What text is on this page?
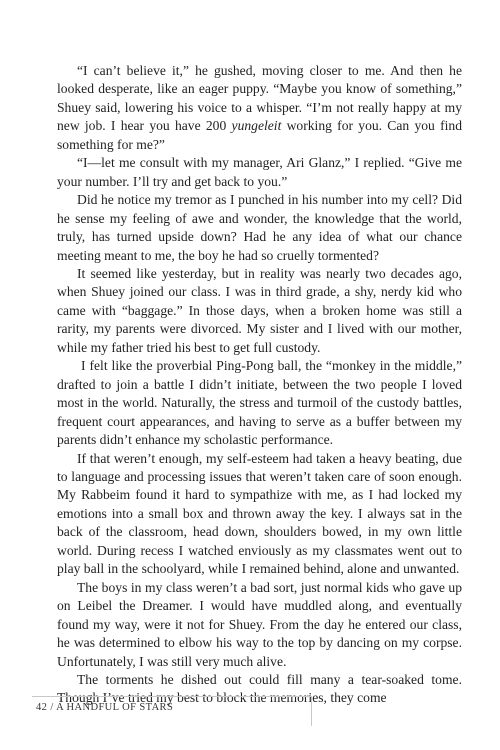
“I can’t believe it,” he gushed, moving closer to me. And then he looked desperate, like an eager puppy. “Maybe you know of something,” Shuey said, lowering his voice to a whisper. “I’m not really happy at my new job. I hear you have 200 yungeleit working for you. Can you find something for me?”

“I—let me consult with my manager, Ari Glanz,” I replied. “Give me your number. I’ll try and get back to you.”

Did he notice my tremor as I punched in his number into my cell? Did he sense my feeling of awe and wonder, the knowledge that the world, truly, has turned upside down? Had he any idea of what our chance meeting meant to me, the boy he had so cruelly tormented?

It seemed like yesterday, but in reality was nearly two decades ago, when Shuey joined our class. I was in third grade, a shy, nerdy kid who came with “baggage.” In those days, when a broken home was still a rarity, my parents were divorced. My sister and I lived with our mother, while my father tried his best to get full custody.

I felt like the proverbial Ping-Pong ball, the “monkey in the middle,” drafted to join a battle I didn’t initiate, between the two people I loved most in the world. Naturally, the stress and turmoil of the custody battles, frequent court appearances, and having to serve as a buffer between my parents didn’t enhance my scholastic performance.

If that weren’t enough, my self-esteem had taken a heavy beating, due to language and processing issues that weren’t taken care of soon enough. My Rabbeim found it hard to sympathize with me, as I had locked my emotions into a small box and thrown away the key. I always sat in the back of the classroom, head down, shoulders bowed, in my own little world. During recess I watched enviously as my classmates went out to play ball in the schoolyard, while I remained behind, alone and unwanted.

The boys in my class weren’t a bad sort, just normal kids who gave up on Leibel the Dreamer. I would have muddled along, and eventually found my way, were it not for Shuey. From the day he entered our class, he was determined to elbow his way to the top by dancing on my corpse. Unfortunately, I was still very much alive.

The torments he dished out could fill many a tear-soaked tome. Though I’ve tried my best to block the memories, they come

42 / A HANDFUL OF STARS
